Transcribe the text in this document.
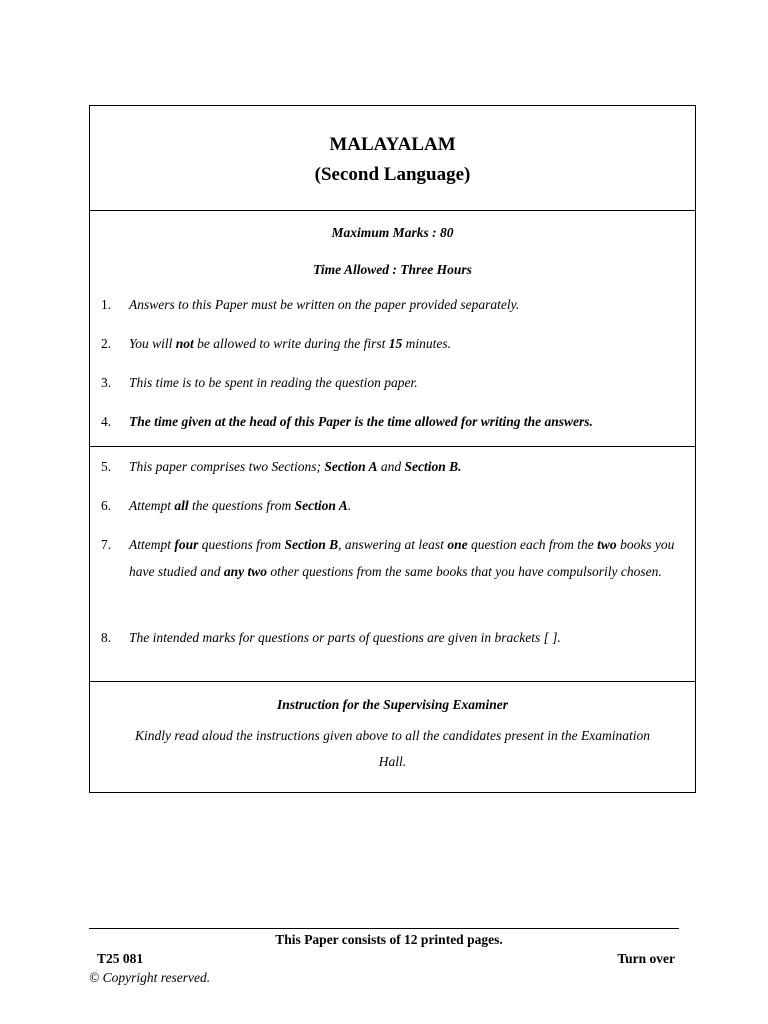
MALAYALAM
(Second Language)
Maximum Marks : 80
Time Allowed : Three Hours
1. Answers to this Paper must be written on the paper provided separately.
2. You will not be allowed to write during the first 15 minutes.
3. This time is to be spent in reading the question paper.
4. The time given at the head of this Paper is the time allowed for writing the answers.
5. This paper comprises two Sections; Section A and Section B.
6. Attempt all the questions from Section A.
7. Attempt four questions from Section B, answering at least one question each from the two books you have studied and any two other questions from the same books that you have compulsorily chosen.
8. The intended marks for questions or parts of questions are given in brackets [ ].
Instruction for the Supervising Examiner
Kindly read aloud the instructions given above to all the candidates present in the Examination Hall.
This Paper consists of 12 printed pages.
T25 081	Turn over
© Copyright reserved.
